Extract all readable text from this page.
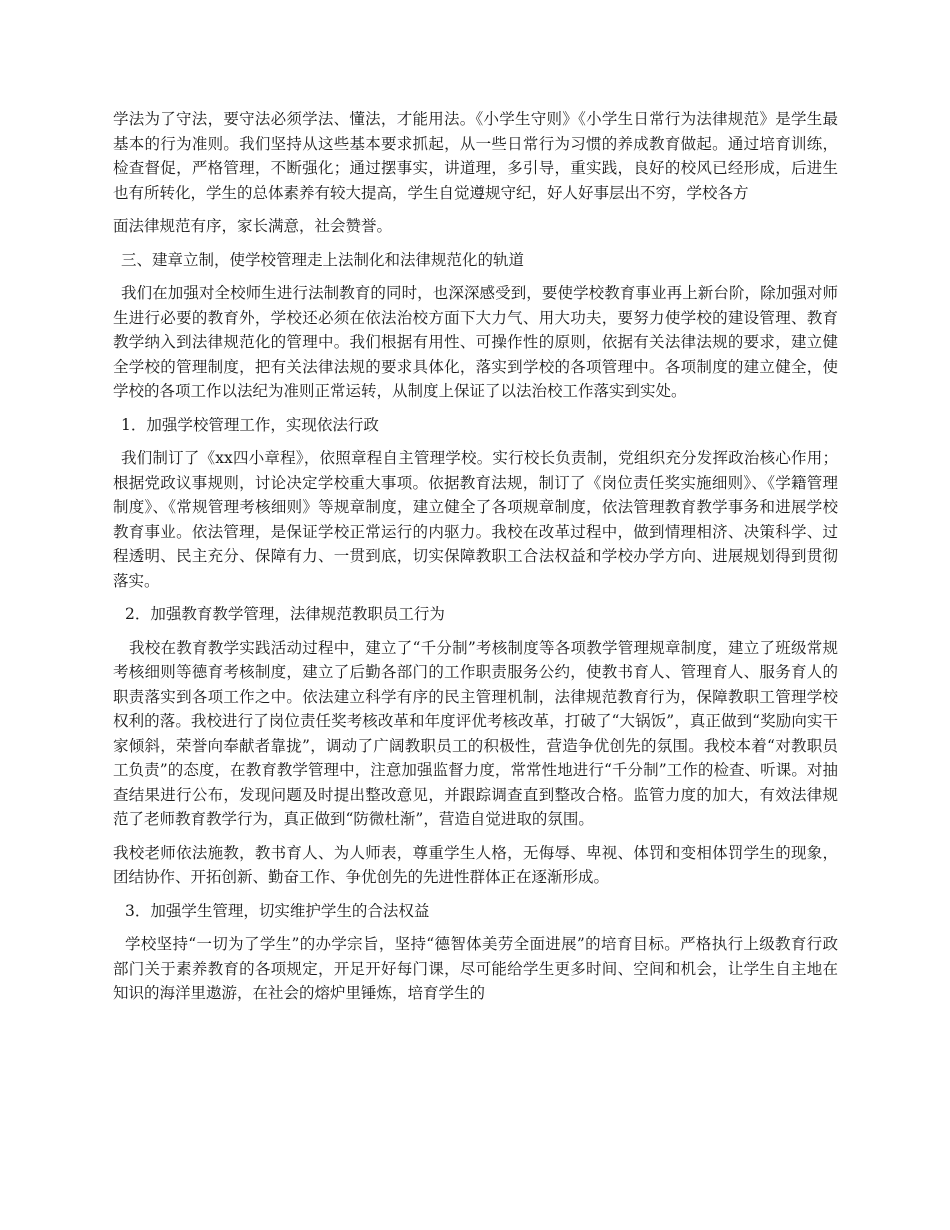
学法为了守法，要守法必须学法、懂法，才能用法。《小学生守则》《小学生日常行为法律规范》是学生最基本的行为准则。我们坚持从这些基本要求抓起，从一些日常行为习惯的养成教育做起。通过培育训练，检查督促，严格管理，不断强化；通过摆事实，讲道理，多引导，重实践，良好的校风已经形成，后进生也有所转化，学生的总体素养有较大提高，学生自觉遵规守纪，好人好事层出不穷，学校各方

面法律规范有序，家长满意，社会赞誉。

三、建章立制，使学校管理走上法制化和法律规范化的轨道

我们在加强对全校师生进行法制教育的同时，也深深感受到，要使学校教育事业再上新台阶，除加强对师生进行必要的教育外，学校还必须在依法治校方面下大力气、用大功夫，要努力使学校的建设管理、教育教学纳入到法律规范化的管理中。我们根据有用性、可操作性的原则，依据有关法律法规的要求，建立健全学校的管理制度，把有关法律法规的要求具体化，落实到学校的各项管理中。各项制度的建立健全，使学校的各项工作以法纪为准则正常运转，从制度上保证了以法治校工作落实到实处。

1．加强学校管理工作，实现依法行政

我们制订了《xx四小章程》，依照章程自主管理学校。实行校长负责制，党组织充分发挥政治核心作用；根据党政议事规则，讨论决定学校重大事项。依据教育法规，制订了《岗位责任奖实施细则》、《学籍管理制度》、《常规管理考核细则》等规章制度，建立健全了各项规章制度，依法管理教育教学事务和进展学校教育事业。依法管理，是保证学校正常运行的内驱力。我校在改革过程中，做到情理相济、决策科学、过程透明、民主充分、保障有力、一贯到底，切实保障教职工合法权益和学校办学方向、进展规划得到贯彻落实。

2．加强教育教学管理，法律规范教职员工行为

我校在教育教学实践活动过程中，建立了“千分制”考核制度等各项教学管理规章制度，建立了班级常规考核细则等德育考核制度，建立了后勤各部门的工作职责服务公约，使教书育人、管理育人、服务育人的职责落实到各项工作之中。依法建立科学有序的民主管理机制，法律规范教育行为，保障教职工管理学校权利的落。我校进行了岗位责任奖考核改革和年度评优考核改革，打破了“大锅饭”，真正做到“奖励向实干家倾斜，荣誉向奉献者靠拢”，调动了广阔教职员工的积极性，营造争优创先的氛围。我校本着“对教职员工负责”的态度，在教育教学管理中，注意加强监督力度，常常性地进行“千分制”工作的检查、听课。对抽查结果进行公布，发现问题及时提出整改意见，并跟踪调查直到整改合格。监管力度的加大，有效法律规范了老师教育教学行为，真正做到“防微杜渐”，营造自觉进取的氛围。

我校老师依法施教，教书育人、为人师表，尊重学生人格，无侮辱、卑视、体罚和变相体罚学生的现象，团结协作、开拓创新、勤奋工作、争优创先的先进性群体正在逐渐形成。

3．加强学生管理，切实维护学生的合法权益

学校坚持“一切为了学生”的办学宗旨，坚持“德智体美劳全面进展”的培育目标。严格执行上级教育行政部门关于素养教育的各项规定，开足开好每门课，尽可能给学生更多时间、空间和机会，让学生自主地在知识的海洋里遨游，在社会的熔炉里锤炼，培育学生的
